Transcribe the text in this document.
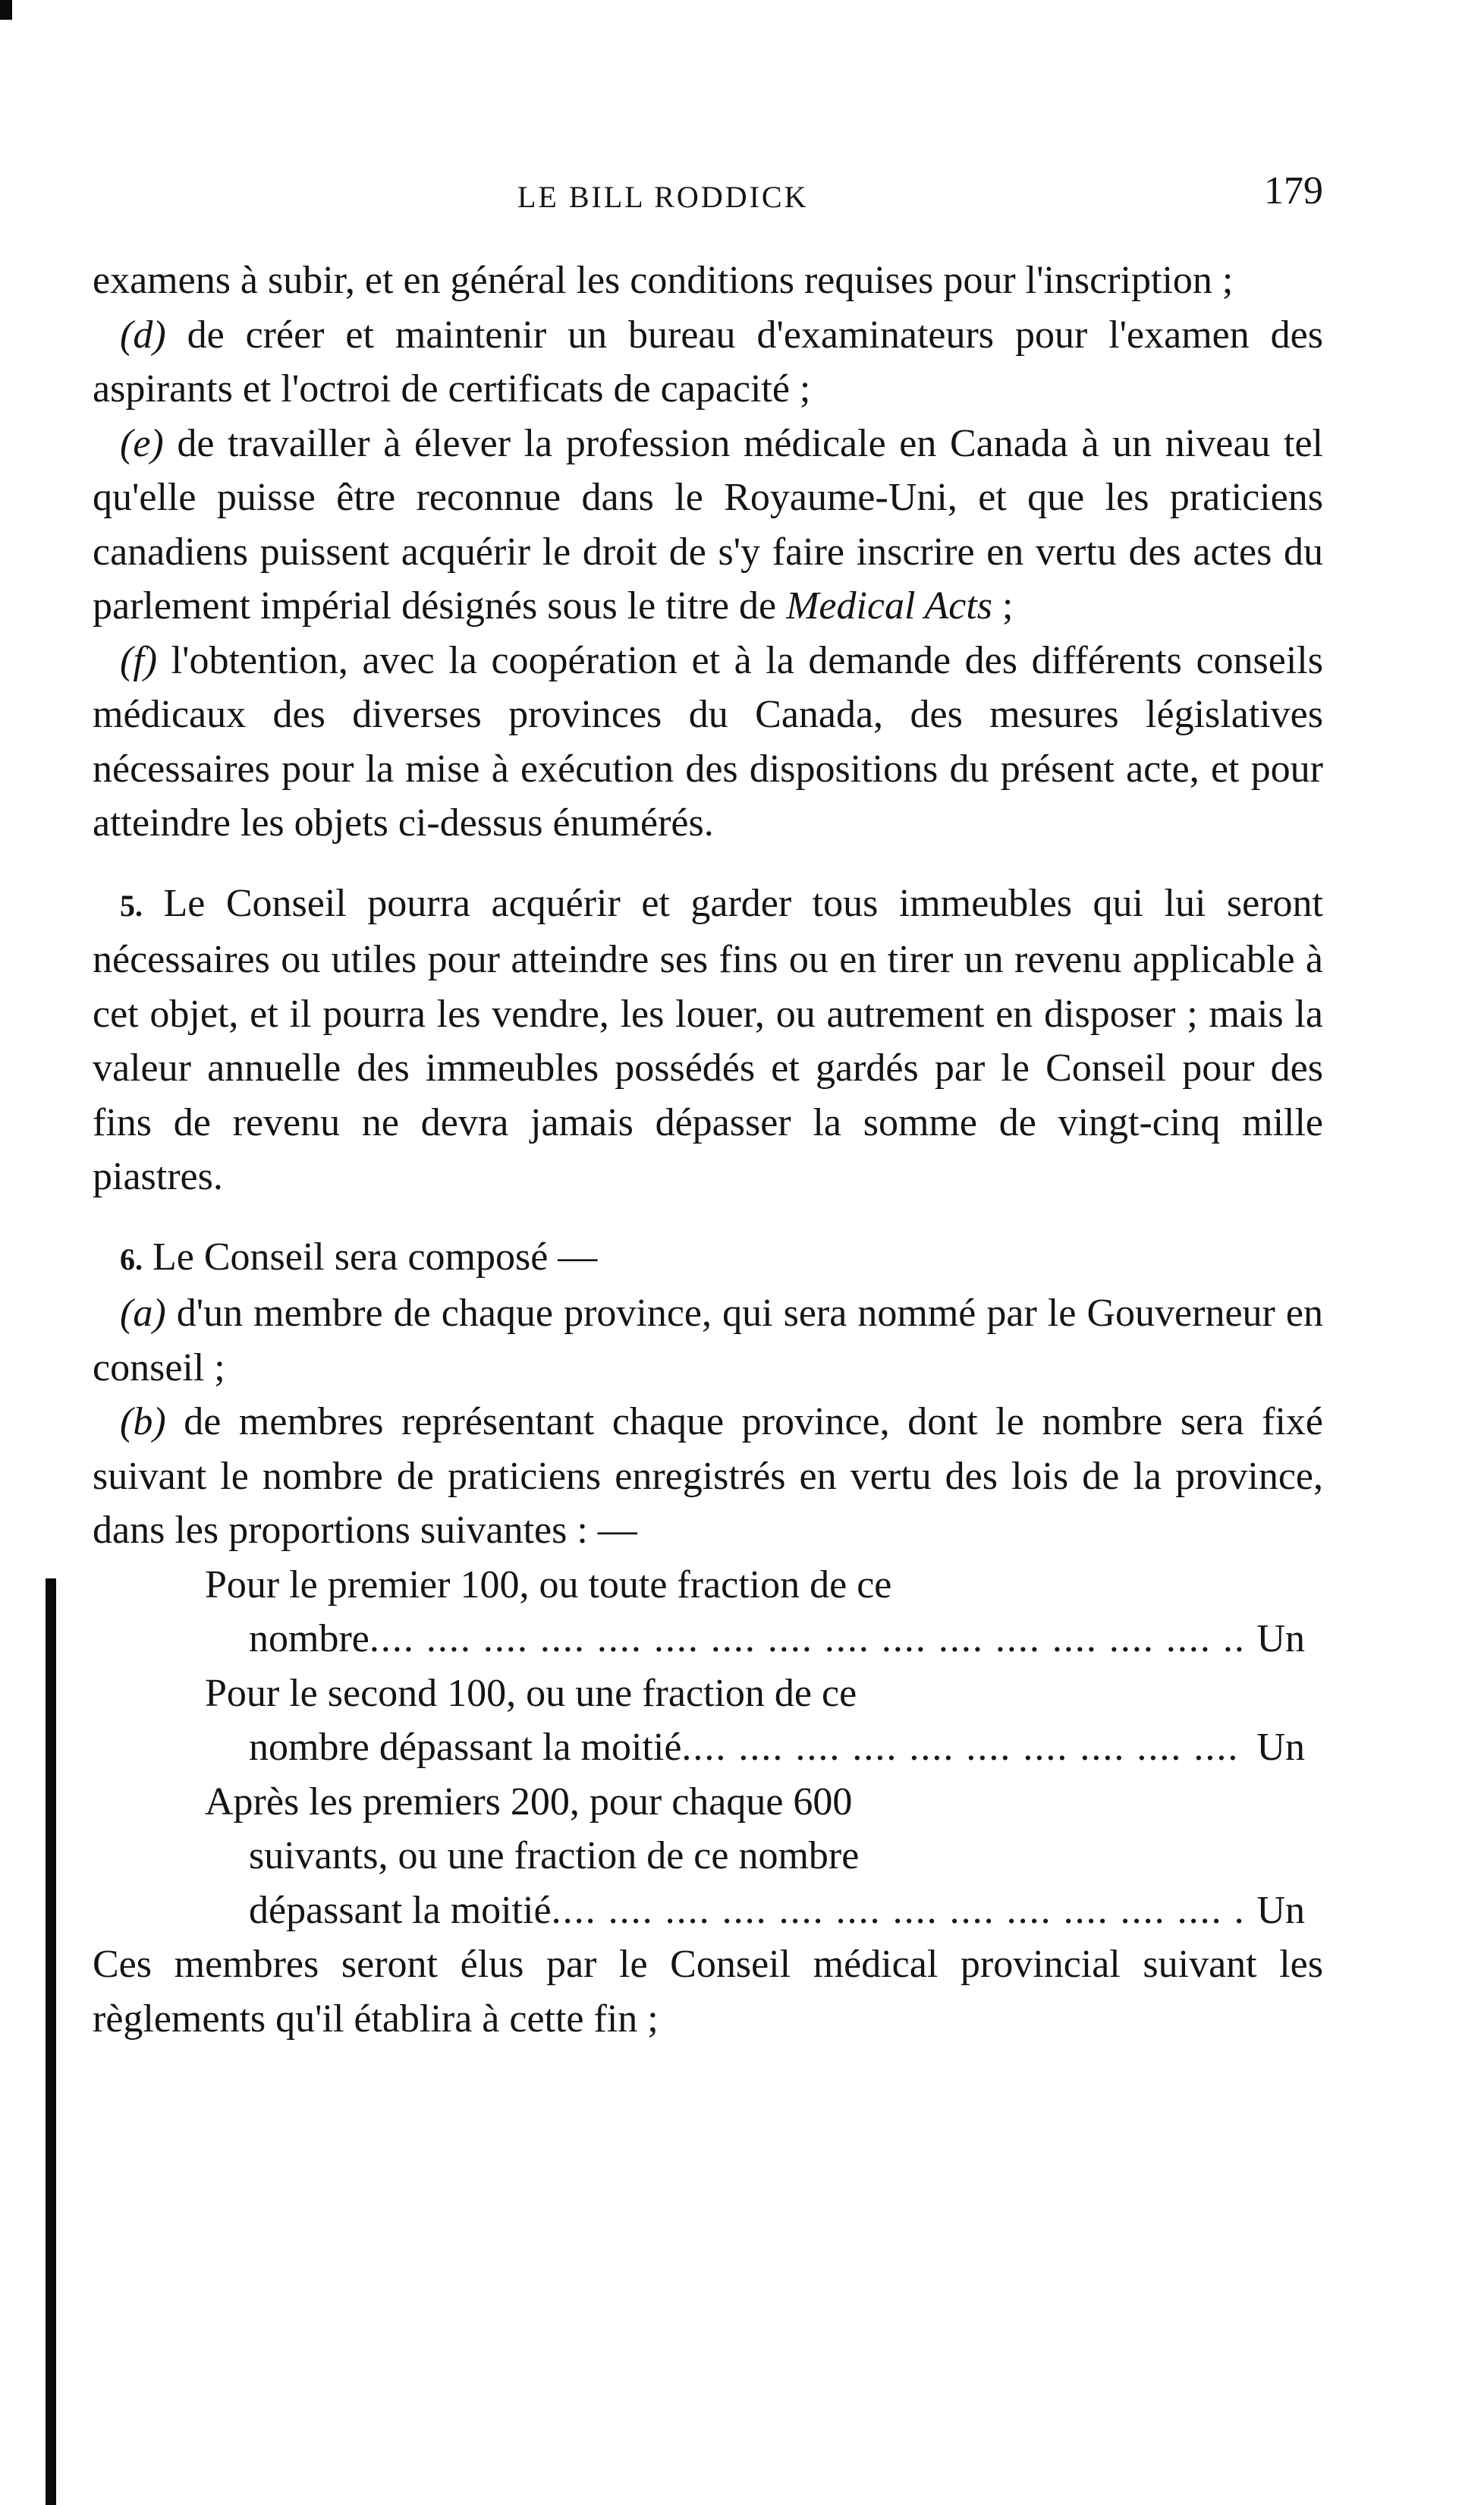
LE BILL RODDICK	179

examens à subir, et en général les conditions requises pour l'inscription ;

(d) de créer et maintenir un bureau d'examinateurs pour l'examen des aspirants et l'octroi de certificats de capacité ;

(e) de travailler à élever la profession médicale en Canada à un niveau tel qu'elle puisse être reconnue dans le Royaume-Uni, et que les praticiens canadiens puissent acquérir le droit de s'y faire inscrire en vertu des actes du parlement impérial désignés sous le titre de Medical Acts ;

(f) l'obtention, avec la coopération et à la demande des différents conseils médicaux des diverses provinces du Canada, des mesures législatives nécessaires pour la mise à exécution des dispositions du présent acte, et pour atteindre les objets ci-dessus énumérés.

5. Le Conseil pourra acquérir et garder tous immeubles qui lui seront nécessaires ou utiles pour atteindre ses fins ou en tirer un revenu applicable à cet objet, et il pourra les vendre, les louer, ou autrement en disposer ; mais la valeur annuelle des immeubles possédés et gardés par le Conseil pour des fins de revenu ne devra jamais dépasser la somme de vingt-cinq mille piastres.

6. Le Conseil sera composé —

(a) d'un membre de chaque province, qui sera nommé par le Gouverneur en conseil ;

(b) de membres représentant chaque province, dont le nombre sera fixé suivant le nombre de praticiens enregistrés en vertu des lois de la province, dans les proportions suivantes : —

Pour le premier 100, ou toute fraction de ce
nombre ....	Un
Pour le second 100, ou une fraction de ce
nombre dépassant la moitié ....	Un
Après les premiers 200, pour chaque 600
suivants, ou une fraction de ce nombre
dépassant la moitié ....	Un

Ces membres seront élus par le Conseil médical provincial suivant les règlements qu'il établira à cette fin ;
